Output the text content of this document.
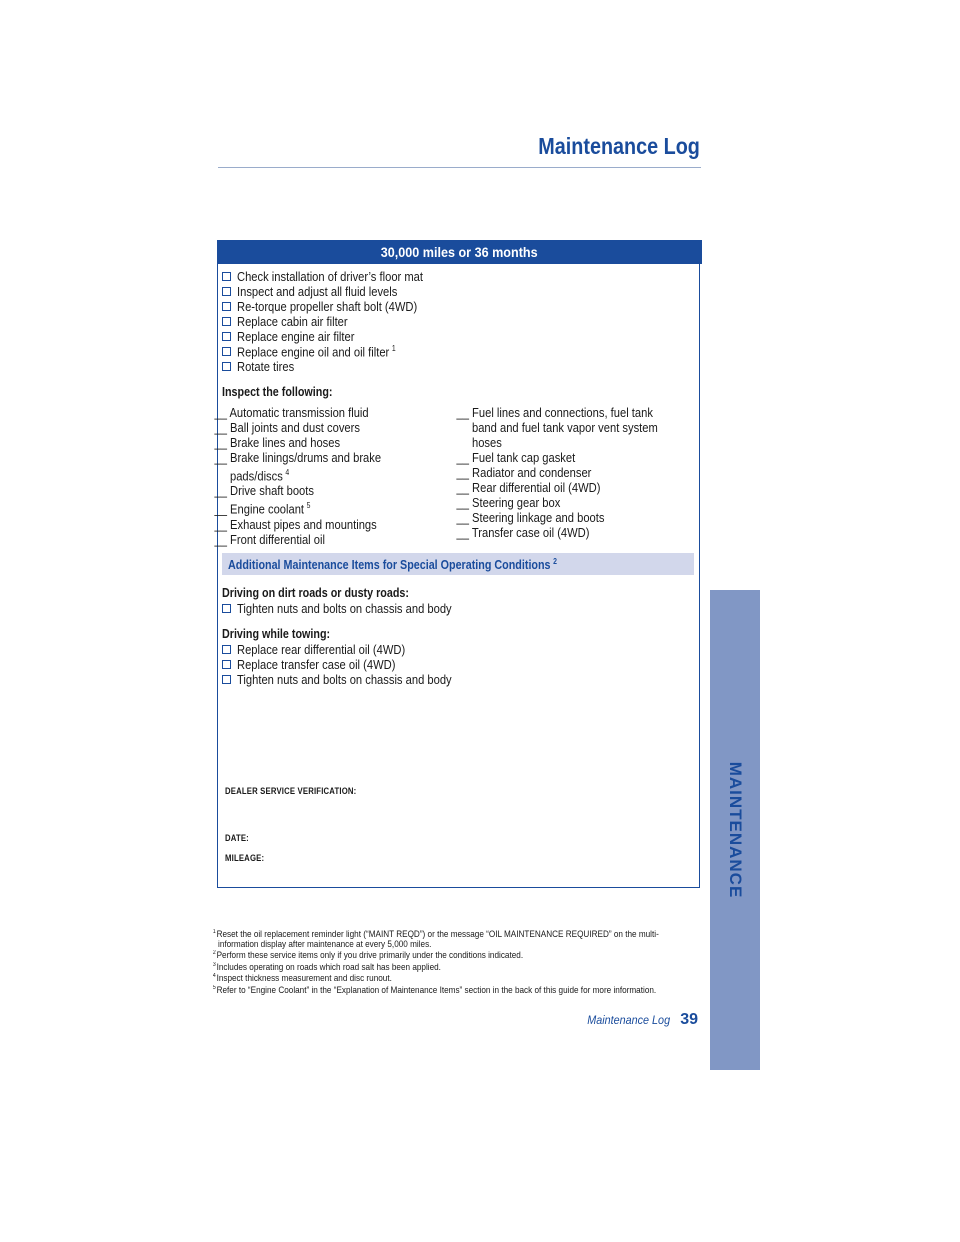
Maintenance Log
MAINTENANCE
30,000 miles or 36 months
Check installation of driver’s floor mat
Inspect and adjust all fluid levels
Re-torque propeller shaft bolt (4WD)
Replace cabin air filter
Replace engine air filter
Replace engine oil and oil filter $^1$
Rotate tires
Inspect the following:
__ Automatic transmission fluid
__ Ball joints and dust covers
__ Brake lines and hoses
__ Brake linings/drums and brake pads/discs $^4$
__ Drive shaft boots
__ Engine coolant $^5$
__ Exhaust pipes and mountings
__ Front differential oil
__ Fuel lines and connections, fuel tank band and fuel tank vapor vent system hoses
__ Fuel tank cap gasket
__ Radiator and condenser
__ Rear differential oil (4WD)
__ Steering gear box
__ Steering linkage and boots
__ Transfer case oil (4WD)
Additional Maintenance Items for Special Operating Conditions $^2$
Driving on dirt roads or dusty roads:
Tighten nuts and bolts on chassis and body
Driving while towing:
Replace rear differential oil (4WD)
Replace transfer case oil (4WD)
Tighten nuts and bolts on chassis and body
DEALER SERVICE VERIFICATION:
DATE:
MILEAGE:
$^1$Reset the oil replacement reminder light (“MAINT REQD”) or the message “OIL MAINTENANCE REQUIRED” on the multi-information display after maintenance at every 5,000 miles.
$^2$Perform these service items only if you drive primarily under the conditions indicated.
$^3$Includes operating on roads which road salt has been applied.
$^4$Inspect thickness measurement and disc runout.
$^5$Refer to “Engine Coolant” in the “Explanation of Maintenance Items” section in the back of this guide for more information.
Maintenance Log 39
